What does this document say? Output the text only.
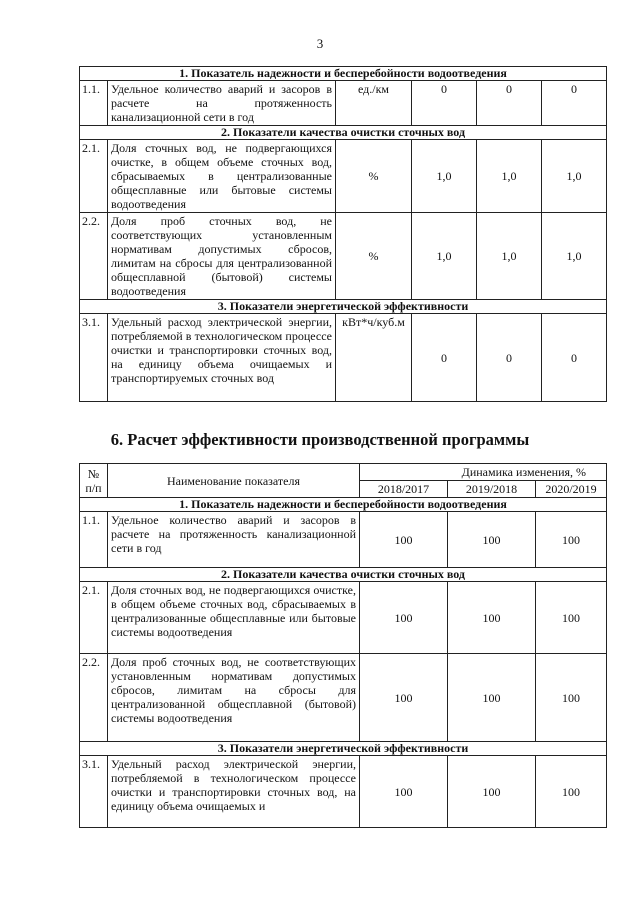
3
1. Показатель надежности и бесперебойности водоотведения					
1.1.	Удельное количество аварий и засоров в расчете на протяженность канализационной сети в год	ед./км	0	0	0
2. Показатели качества очистки сточных вод					
2.1.	Доля сточных вод, не подвергающихся очистке, в общем объеме сточных вод, сбрасываемых в централизованные общесплавные или бытовые системы водоотведения	%	1,0	1,0	1,0
2.2.	Доля проб сточных вод, не соответствующих установленным нормативам допустимых сбросов, лимитам на сбросы для централизованной общесплавной (бытовой) системы водоотведения	%	1,0	1,0	1,0
3. Показатели энергетической эффективности					
3.1.	Удельный расход электрической энергии, потребляемой в технологическом процессе очистки и транспортировки сточных вод, на единицу объема очищаемых и транспортируемых сточных вод	кВт*ч/куб.м	0	0	0
6. Расчет эффективности производственной программы
№ п/п	Наименование показателя	Динамика изменения, %		
		2018/2017	2019/2018	2020/2019
1. Показатель надежности и бесперебойности водоотведения				
1.1.	Удельное количество аварий и засоров в расчете на протяженность канализационной сети в год	100	100	100
2. Показатели качества очистки сточных вод				
2.1.	Доля сточных вод, не подвергающихся очистке, в общем объеме сточных вод, сбрасываемых в централизованные общесплавные или бытовые системы водоотведения	100	100	100
2.2.	Доля проб сточных вод, не соответствующих установленным нормативам допустимых сбросов, лимитам на сбросы для централизованной общесплавной (бытовой) системы водоотведения	100	100	100
3. Показатели энергетической эффективности				
3.1.	Удельный расход электрической энергии, потребляемой в технологическом процессе очистки и транспортировки сточных вод, на единицу объема очищаемых и	100	100	100
